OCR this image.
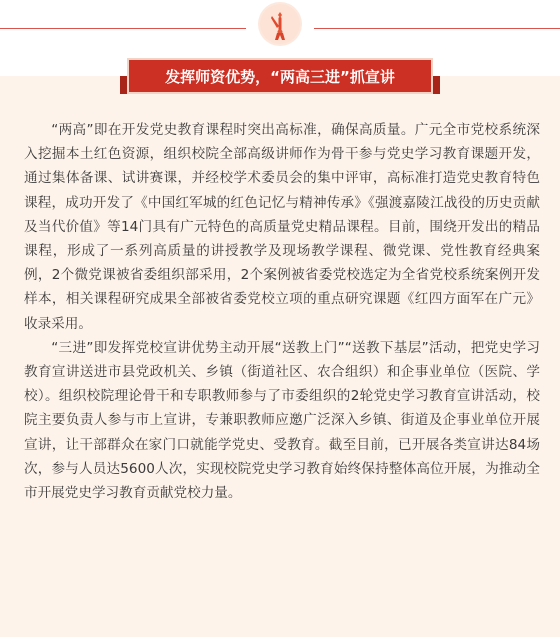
发挥师资优势，“两高三进”抓宣讲

“两高”即在开发党史教育课程时突出高标准，确保高质量。广元全市党校系统深入挖掘本土红色资源，组织校院全部高级讲师作为骨干参与党史学习教育课题开发，通过集体备课、试讲赛课，并经校学术委员会的集中评审，高标准打造党史教育特色课程，成功开发了《中国红军城的红色记忆与精神传承》《强渡嘉陵江战役的历史贡献及当代价值》等14门具有广元特色的高质量党史精品课程。目前，围绕开发出的精品课程，形成了一系列高质量的讲授教学及现场教学课程、微党课、党性教育经典案例，2个微党课被省委组织部采用，2个案例被省委党校选定为全省党校系统案例开发样本，相关课程研究成果全部被省委党校立项的重点研究课题《红四方面军在广元》收录采用。

“三进”即发挥党校宣讲优势主动开展“送教上门”“送教下基层”活动，把党史学习教育宣讲送进市县党政机关、乡镇（街道社区、农合组织）和企事业单位（医院、学校）。组织校院理论骨干和专职教师参与了市委组织的2轮党史学习教育宣讲活动，校院主要负责人参与市上宣讲，专兼职教师应邀广泛深入乡镇、街道及企事业单位开展宣讲，让干部群众在家门口就能学党史、受教育。截至目前，已开展各类宣讲达84场次，参与人员达5600人次，实现校院党史学习教育始终保持整体高位开展，为推动全市开展党史学习教育贡献党校力量。
